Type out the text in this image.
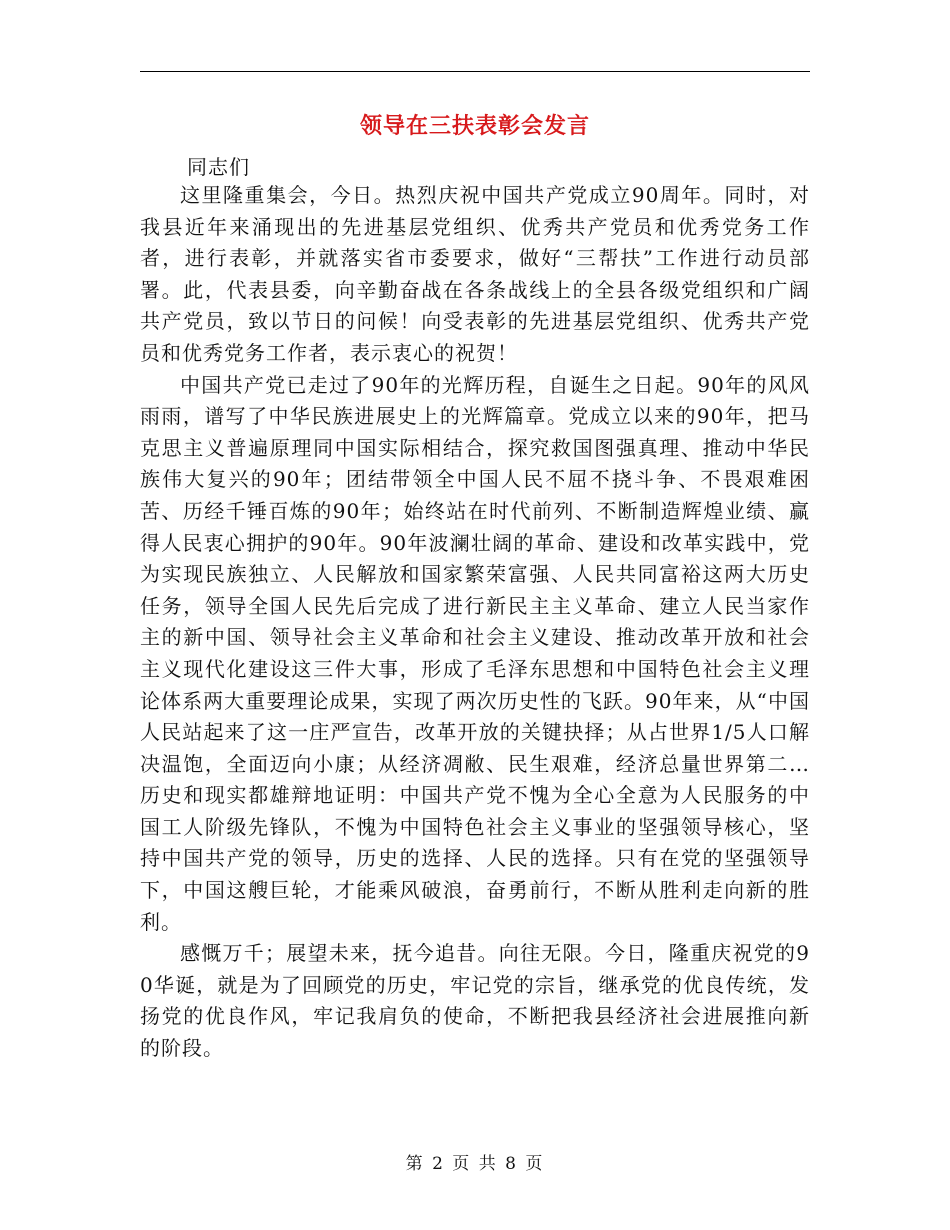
领导在三扶表彰会发言
同志们

这里隆重集会，今日。热烈庆祝中国共产党成立90周年。同时，对我县近年来涌现出的先进基层党组织、优秀共产党员和优秀党务工作者，进行表彰，并就落实省市委要求，做好“三帮扶”工作进行动员部署。此，代表县委，向辛勤奋战在各条战线上的全县各级党组织和广阔共产党员，致以节日的问候！向受表彰的先进基层党组织、优秀共产党员和优秀党务工作者，表示衷心的祝贺！

中国共产党已走过了90年的光辉历程，自诞生之日起。90年的风风雨雨，谱写了中华民族进展史上的光辉篇章。党成立以来的90年，把马克思主义普遍原理同中国实际相结合，探究救国图强真理、推动中华民族伟大复兴的90年；团结带领全中国人民不屈不挠斗争、不畏艰难困苦、历经千锤百炼的90年；始终站在时代前列、不断制造辉煌业绩、赢得人民衷心拥护的90年。90年波澜壮阔的革命、建设和改革实践中，党为实现民族独立、人民解放和国家繁荣富强、人民共同富裕这两大历史任务，领导全国人民先后完成了进行新民主主义革命、建立人民当家作主的新中国、领导社会主义革命和社会主义建设、推动改革开放和社会主义现代化建设这三件大事，形成了毛泽东思想和中国特色社会主义理论体系两大重要理论成果，实现了两次历史性的飞跃。90年来，从“中国人民站起来了这一庄严宣告，改革开放的关键抉择；从占世界1/5人口解决温饱，全面迈向小康；从经济凋敝、民生艰难，经济总量世界第二…历史和现实都雄辩地证明：中国共产党不愧为全心全意为人民服务的中国工人阶级先锋队，不愧为中国特色社会主义事业的坚强领导核心，坚持中国共产党的领导，历史的选择、人民的选择。只有在党的坚强领导下，中国这艘巨轮，才能乘风破浪，奋勇前行，不断从胜利走向新的胜利。

感慨万千；展望未来，抚今追昔。向往无限。今日，隆重庆祝党的90华诞，就是为了回顾党的历史，牢记党的宗旨，继承党的优良传统，发扬党的优良作风，牢记我肩负的使命，不断把我县经济社会进展推向新的阶段。

第 2 页 共 8 页
